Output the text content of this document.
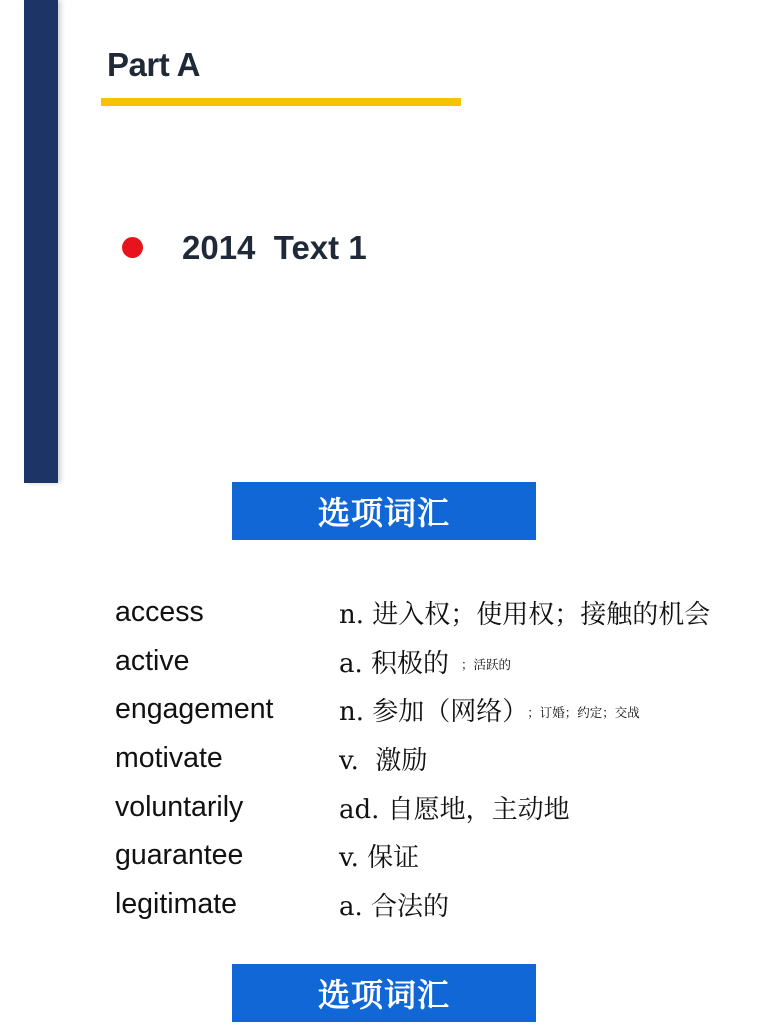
Part A
2014  Text 1
选项词汇
access	n. 进入权；使用权；接触的机会
active	a. 积极的 ；活跃的
engagement	n. 参加（网络） ；订婚；约定；交战
motivate	v.  激励
voluntarily	ad. 自愿地，主动地
guarantee	v. 保证
legitimate	a. 合法的
选项词汇
